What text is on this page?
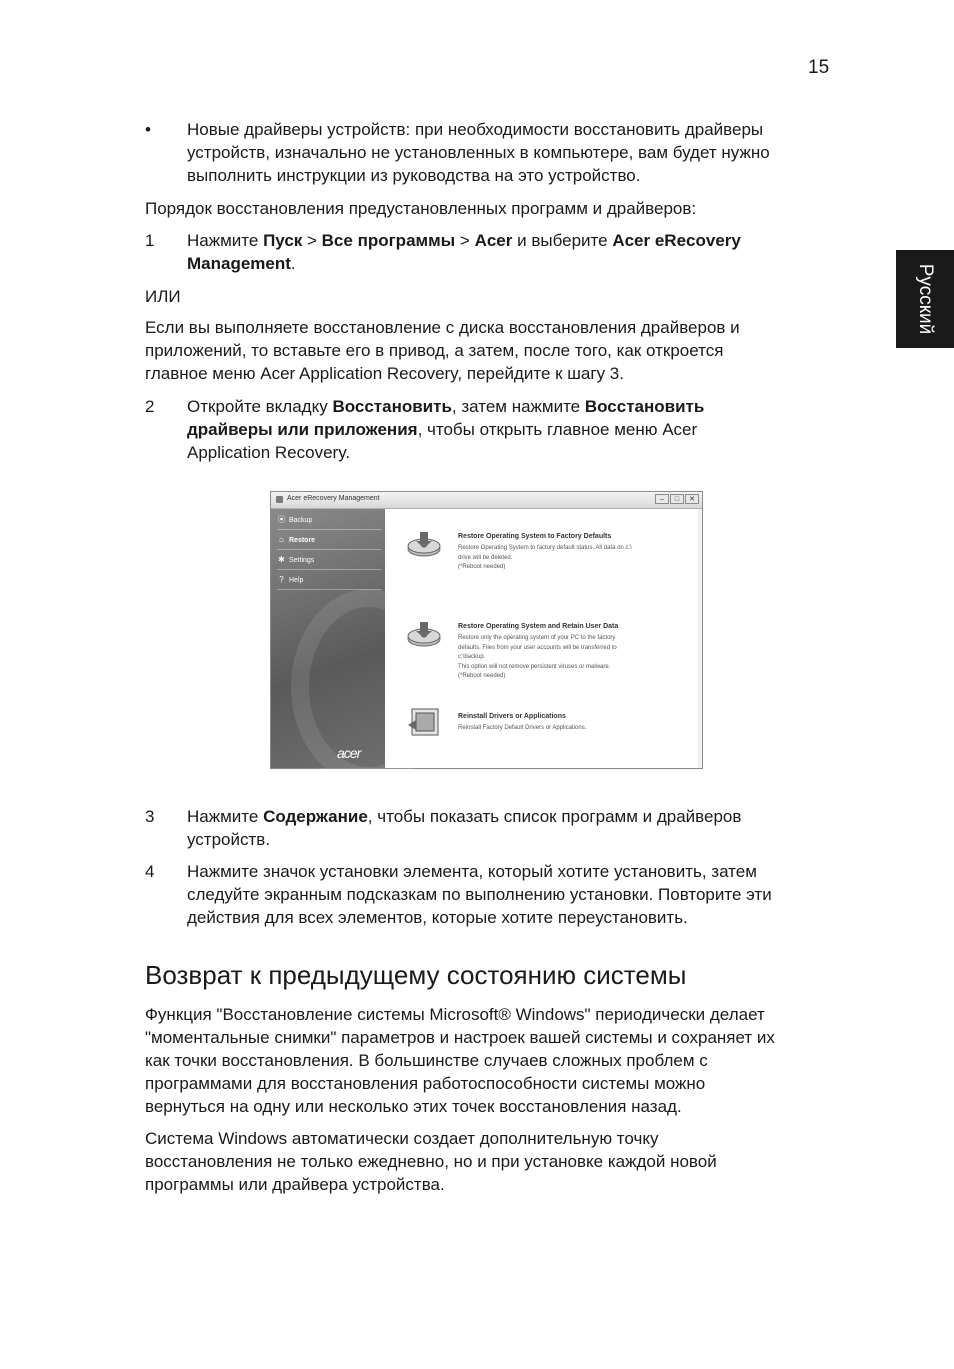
15
Русский
• Новые драйверы устройств: при необходимости восстановить драйверы
устройств, изначально не установленных в компьютере, вам будет нужно
выполнить инструкции из руководства на это устройство.
Порядок восстановления предустановленных программ и драйверов:
1 Нажмите Пуск > Все программы > Acer и выберите Acer eRecovery
Management.
ИЛИ
Если вы выполняете восстановление с диска восстановления драйверов и
приложений, то вставьте его в привод, а затем, после того, как откроется
главное меню Acer Application Recovery, перейдите к шагу 3.
2 Откройте вкладку Восстановить, затем нажмите Восстановить
драйверы или приложения, чтобы открыть главное меню Acer
Application Recovery.
Acer eRecovery Management	–	□	✕
⦿ Backup
⌂ Restore
✱ Settings
? Help
acer
Restore Operating System to Factory Defaults
Restore Operating System to factory default status. All data on c:\
drive will be deleted.
(*Reboot needed)
Restore Operating System and Retain User Data
Restore only the operating system of your PC to the factory
defaults. Files from your user accounts will be transferred to
c:\backup.
This option will not remove persistent viruses or malware.
(*Reboot needed)
Reinstall Drivers or Applications
Reinstall Factory Default Drivers or Applications.
3 Нажмите Содержание, чтобы показать список программ и драйверов
устройств.
4 Нажмите значок установки элемента, который хотите установить, затем
следуйте экранным подсказкам по выполнению установки. Повторите эти
действия для всех элементов, которые хотите переустановить.
Возврат к предыдущему состоянию системы
Функция "Восстановление системы Microsoft® Windows" периодически делает
"моментальные снимки" параметров и настроек вашей системы и сохраняет их
как точки восстановления. В большинстве случаев сложных проблем с
программами для восстановления работоспособности системы можно
вернуться на одну или несколько этих точек восстановления назад.
Система Windows автоматически создает дополнительную точку
восстановления не только ежедневно, но и при установке каждой новой
программы или драйвера устройства.
